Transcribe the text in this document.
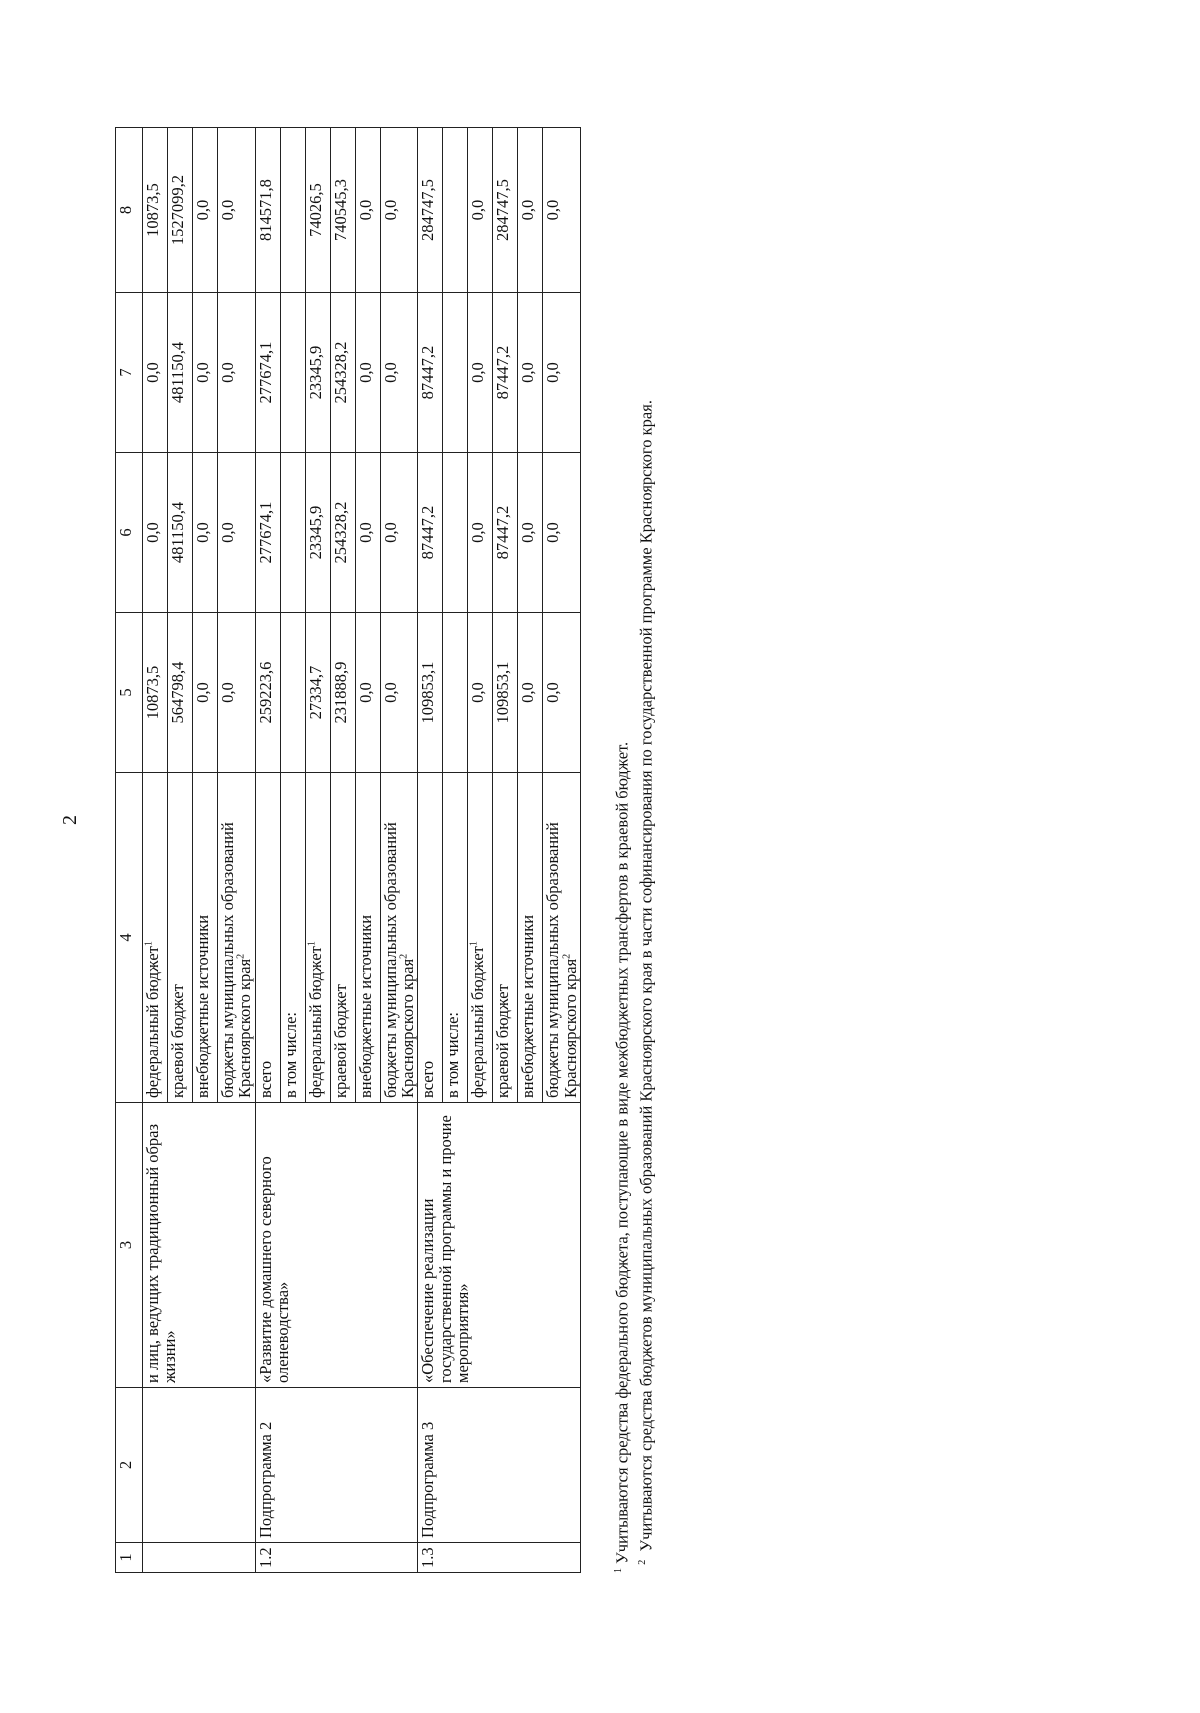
2
1	2	3	4	5	6	7	8
		и лиц, ведущих традиционный образ жизни»	федеральный бюджет$^1$	10873,5	0,0	0,0	10873,5
			краевой бюджет	564798,4	481150,4	481150,4	1527099,2
			внебюджетные источники	0,0	0,0	0,0	0,0
			бюджеты муниципальных образований Красноярского края$^2$	0,0	0,0	0,0	0,0
1.2	Подпрограмма 2	«Развитие домашнего северного оленеводства»	всего	259223,6	277674,1	277674,1	814571,8
			в том числе:				
			федеральный бюджет$^1$	27334,7	23345,9	23345,9	74026,5
			краевой бюджет	231888,9	254328,2	254328,2	740545,3
			внебюджетные источники	0,0	0,0	0,0	0,0
			бюджеты муниципальных образований Красноярского края$^2$	0,0	0,0	0,0	0,0
1.3	Подпрограмма 3	«Обеспечение реализации государственной программы и прочие мероприятия»	всего	109853,1	87447,2	87447,2	284747,5
			в том числе:				
			федеральный бюджет$^1$	0,0	0,0	0,0	0,0
			краевой бюджет	109853,1	87447,2	87447,2	284747,5
			внебюджетные источники	0,0	0,0	0,0	0,0
			бюджеты муниципальных образований Красноярского края$^2$	0,0	0,0	0,0	0,0
$^1$ Учитываются средства федерального бюджета, поступающие в виде межбюджетных трансфертов в краевой бюджет. $^2$  Учитываются средства бюджетов муниципальных образований Красноярского края в части софинансирования по государственной программе Красноярского края.
